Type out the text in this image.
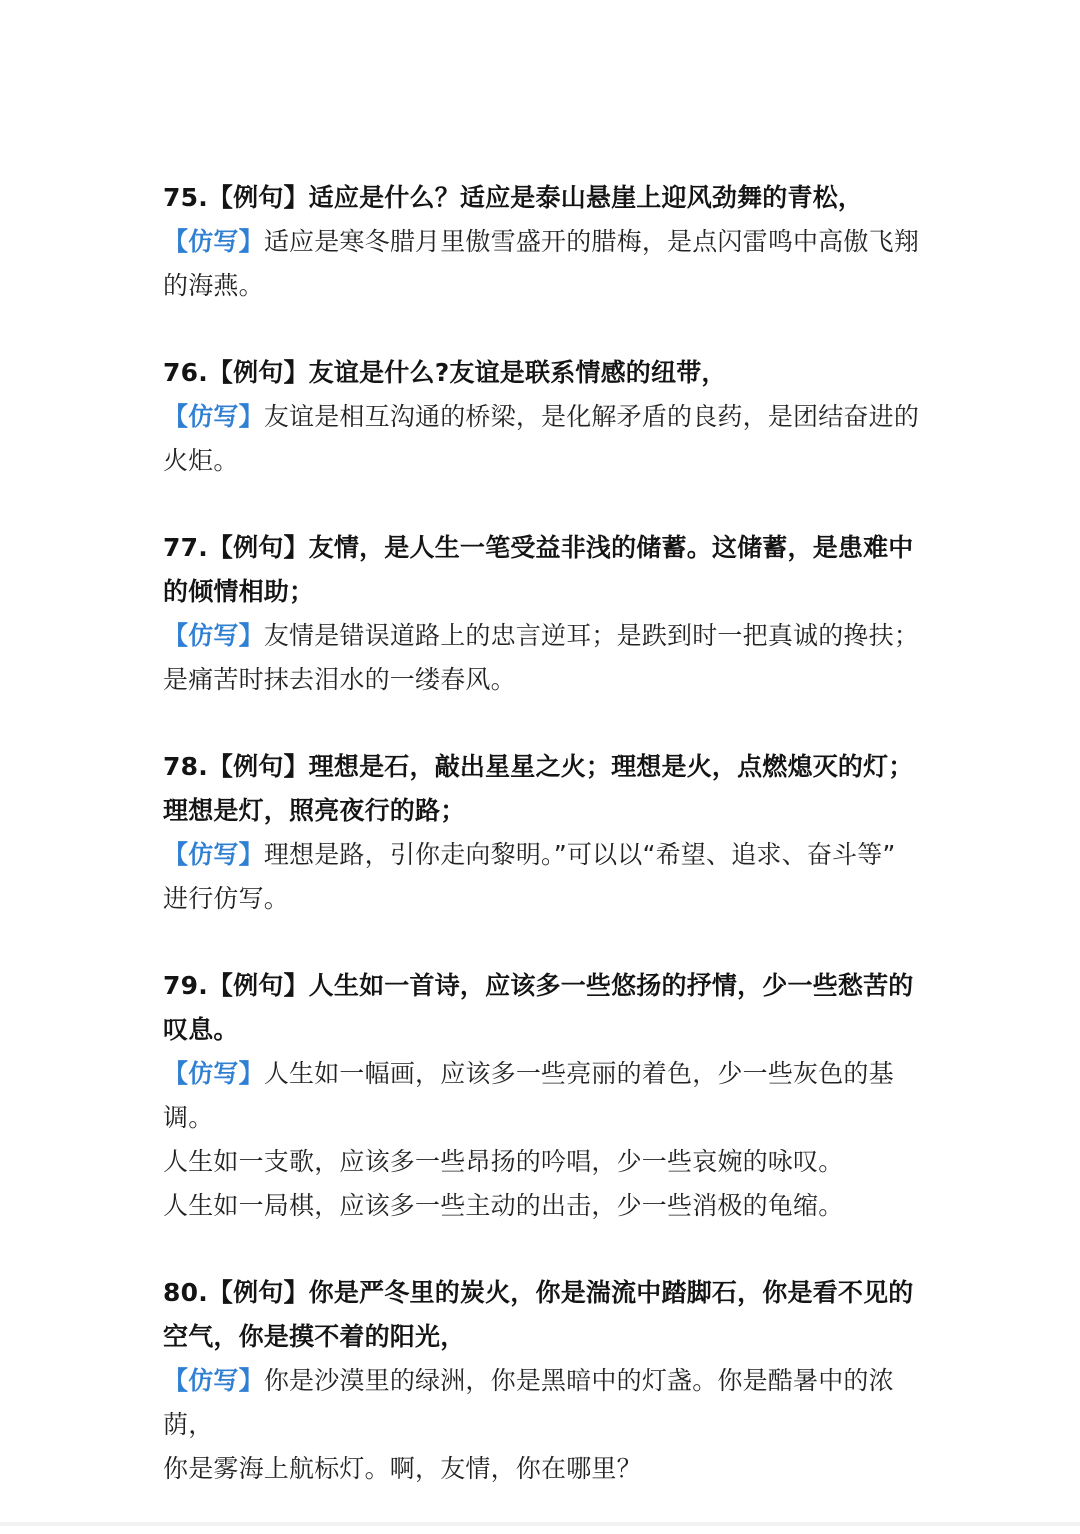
75.【例句】适应是什么？适应是泰山悬崖上迎风劲舞的青松，
【仿写】适应是寒冬腊月里傲雪盛开的腊梅，是点闪雷鸣中高傲飞翔
的海燕。
76.【例句】友谊是什么?友谊是联系情感的纽带，
【仿写】友谊是相互沟通的桥梁，是化解矛盾的良药，是团结奋进的
火炬。
77.【例句】友情，是人生一笔受益非浅的储蓄。这储蓄，是患难中
的倾情相助；
【仿写】友情是错误道路上的忠言逆耳；是跌到时一把真诚的搀扶；
是痛苦时抹去泪水的一缕春风。
78.【例句】理想是石，敲出星星之火；理想是火，点燃熄灭的灯；
理想是灯，照亮夜行的路；
【仿写】理想是路，引你走向黎明。”可以以“希望、追求、奋斗等”
进行仿写。
79.【例句】人生如一首诗，应该多一些悠扬的抒情，少一些愁苦的
叹息。
【仿写】人生如一幅画，应该多一些亮丽的着色，少一些灰色的基调。
人生如一支歌，应该多一些昂扬的吟唱，少一些哀婉的咏叹。
人生如一局棋，应该多一些主动的出击，少一些消极的龟缩。
80.【例句】你是严冬里的炭火，你是湍流中踏脚石，你是看不见的
空气，你是摸不着的阳光，
【仿写】你是沙漠里的绿洲，你是黑暗中的灯盏。你是酷暑中的浓荫，
你是雾海上航标灯。啊，友情，你在哪里？
